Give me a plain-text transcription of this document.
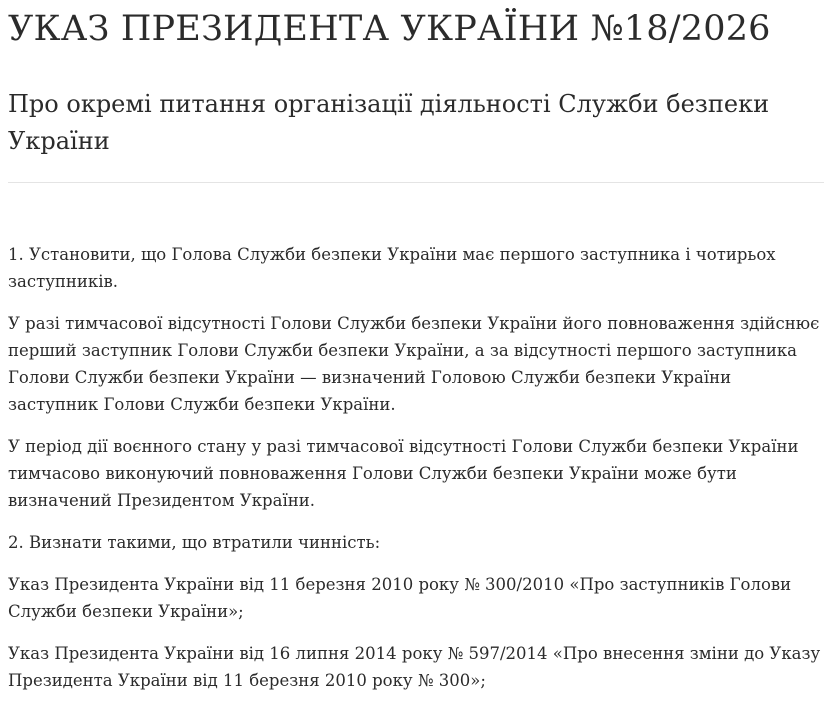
УКАЗ ПРЕЗИДЕНТА УКРАЇНИ №18/2026
Про окремі питання організації діяльності Служби безпеки України

1. Установити, що Голова Служби безпеки України має першого заступника і чотирьох заступників.

У разі тимчасової відсутності Голови Служби безпеки України його повноваження здійснює перший заступник Голови Служби безпеки України, а за відсутності першого заступника Голови Служби безпеки України — визначений Головою Служби безпеки України заступник Голови Служби безпеки України.

У період дії воєнного стану у разі тимчасової відсутності Голови Служби безпеки України тимчасово виконуючий повноваження Голови Служби безпеки України може бути визначений Президентом України.

2. Визнати такими, що втратили чинність:

Указ Президента України від 11 березня 2010 року № 300/2010 «Про заступників Голови Служби безпеки України»;

Указ Президента України від 16 липня 2014 року № 597/2014 «Про внесення зміни до Указу Президента України від 11 березня 2010 року № 300»;
